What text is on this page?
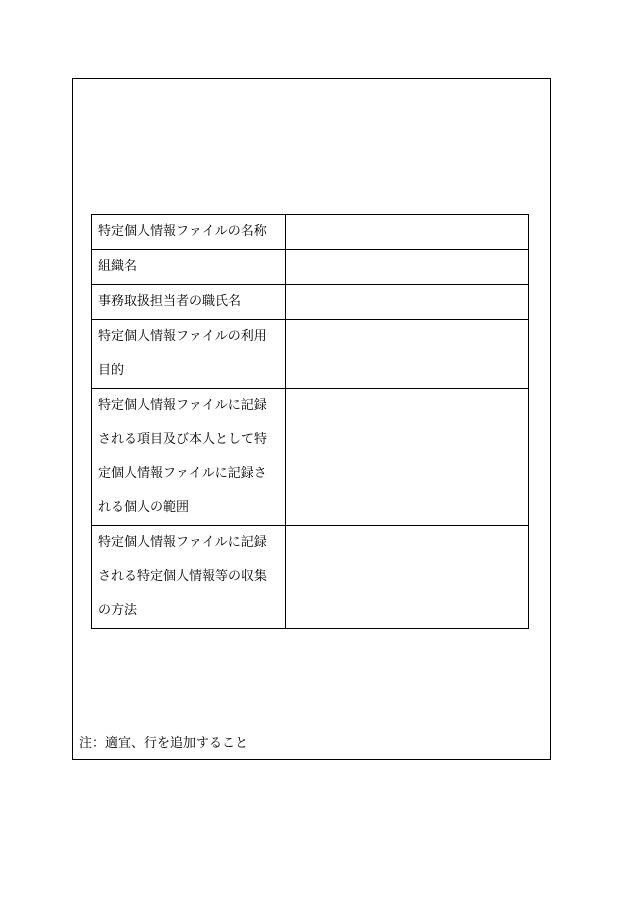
特定個人情報ファイルの名称	

組織名	

事務取扱担当者の職氏名	

特定個人情報ファイルの利用
目的	

特定個人情報ファイルに記録
される項目及び本人として特
定個人情報ファイルに記録さ
れる個人の範囲	

特定個人情報ファイルに記録
される特定個人情報等の収集
の方法	

注：適宜、行を追加すること
